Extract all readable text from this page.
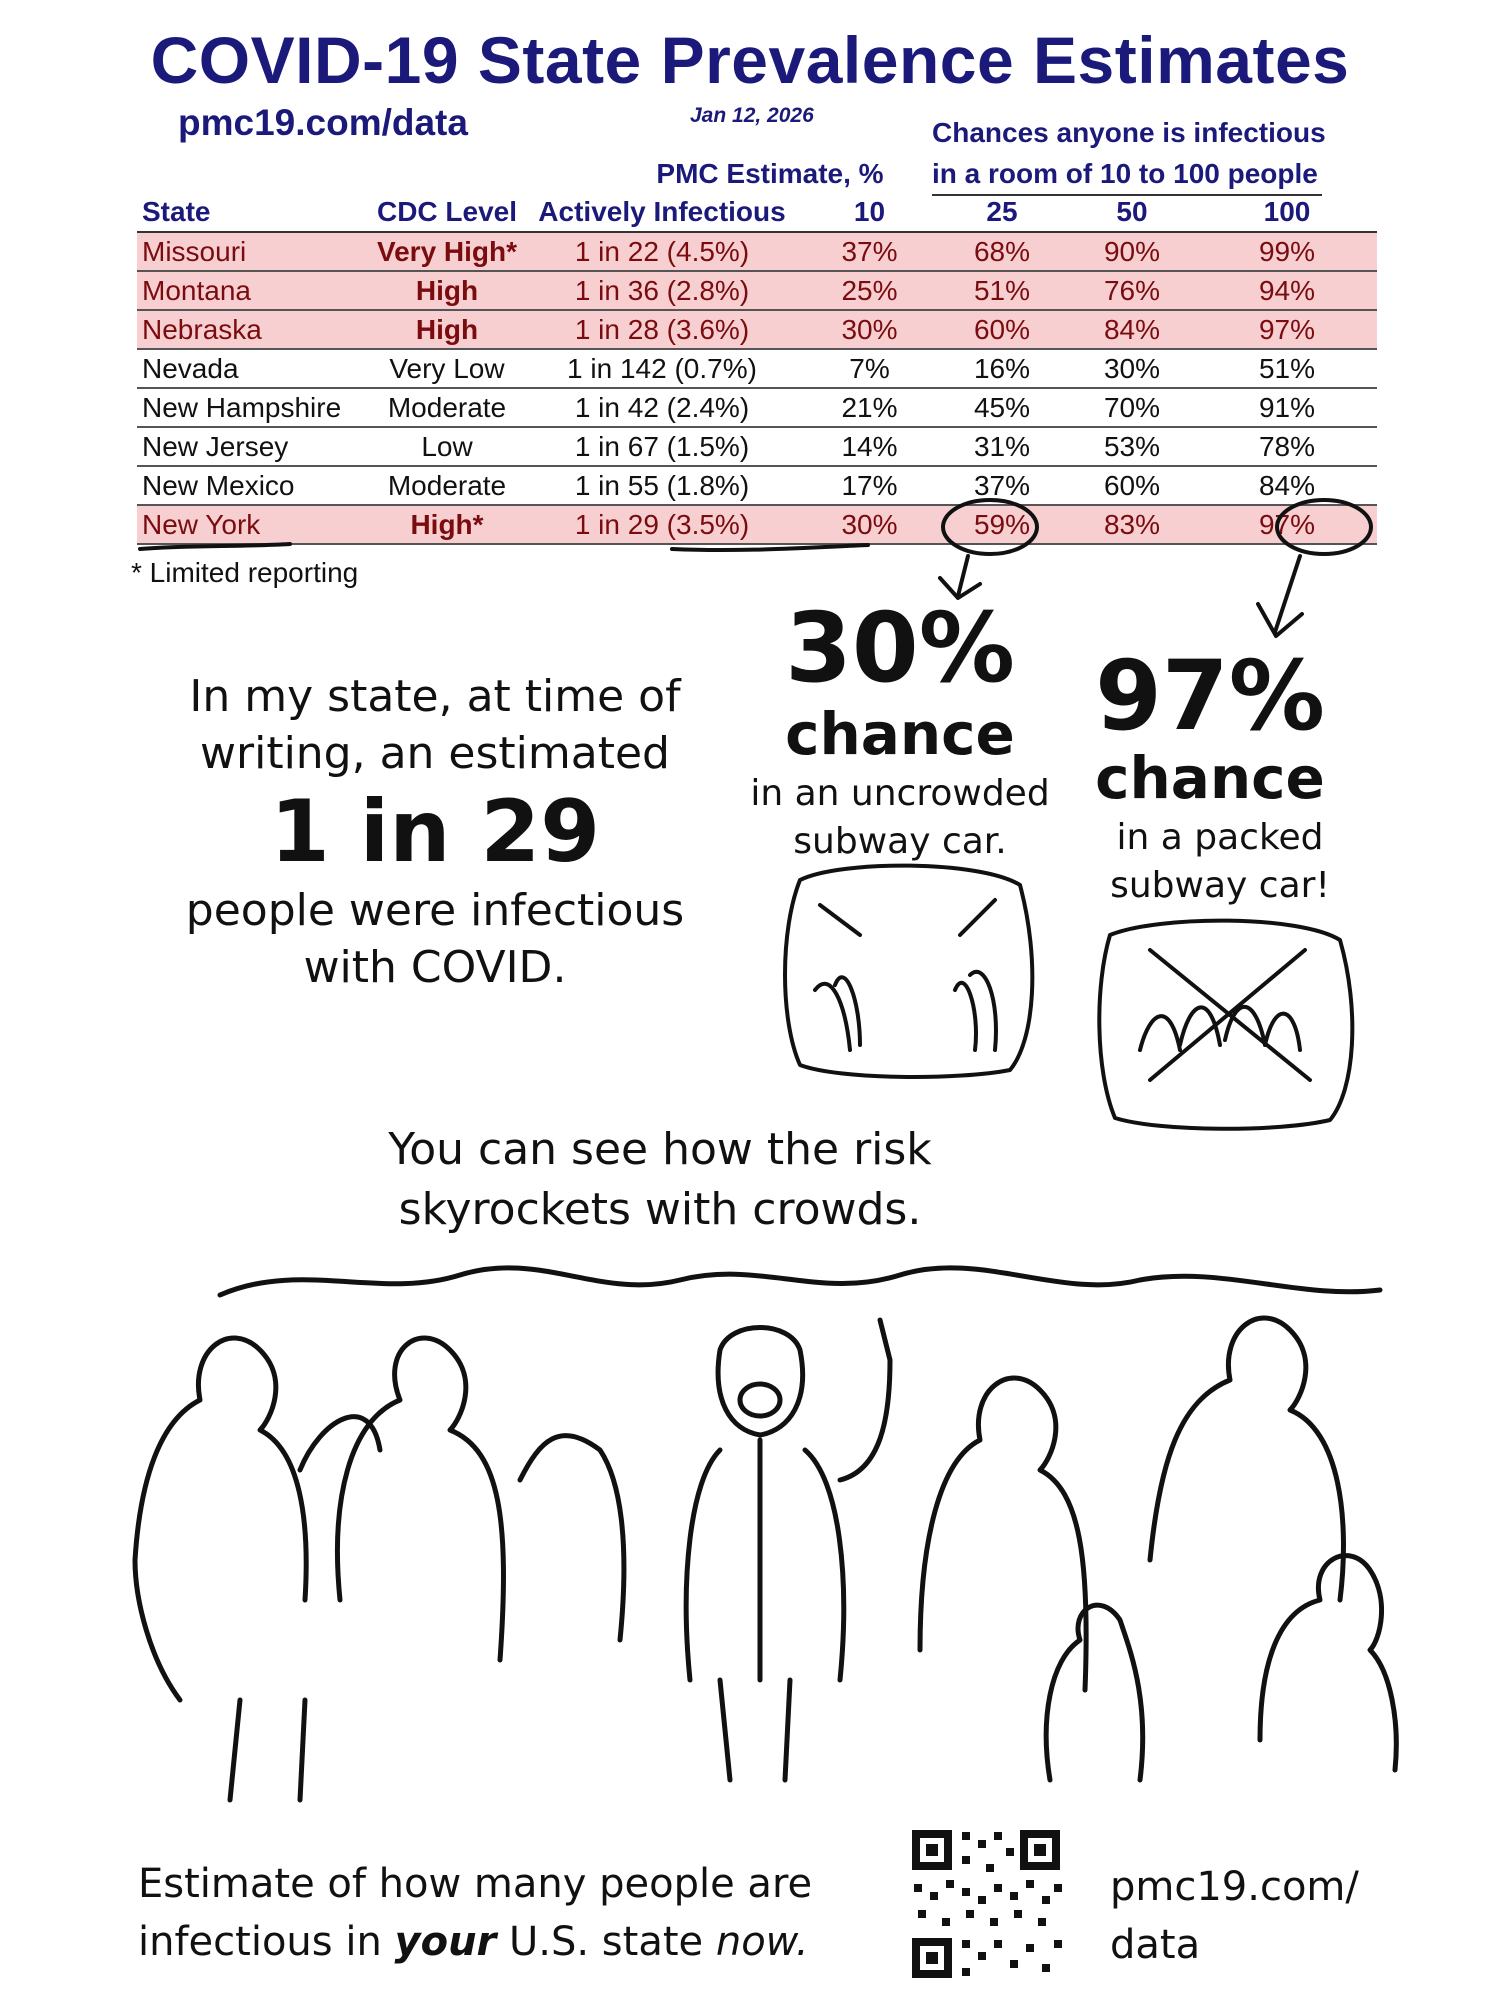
COVID-19 State Prevalence Estimates
pmc19.com/data	Jan 12, 2026
Chances anyone is infectious
in a room of 10 to 100 people
PMC Estimate, %
State	CDC Level	Actively Infectious	10	25	50	100
Missouri	Very High*	1 in 22 (4.5%)	37%	68%	90%	99%
Montana	High	1 in 36 (2.8%)	25%	51%	76%	94%
Nebraska	High	1 in 28 (3.6%)	30%	60%	84%	97%
Nevada	Very Low	1 in 142 (0.7%)	7%	16%	30%	51%
New Hampshire	Moderate	1 in 42 (2.4%)	21%	45%	70%	91%
New Jersey	Low	1 in 67 (1.5%)	14%	31%	53%	78%
New Mexico	Moderate	1 in 55 (1.8%)	17%	37%	60%	84%
New York	High*	1 in 29 (3.5%)	30%	59%	83%	97%
* Limited reporting
In my state, at time of
writing, an estimated
1 in 29
people were infectious
with COVID.
30%
chance
in an uncrowded
subway car.
97%
chance
in a packed
subway car!
You can see how the risk
skyrockets with crowds.
Estimate of how many people are
infectious in your U.S. state now.
pmc19.com/
data
